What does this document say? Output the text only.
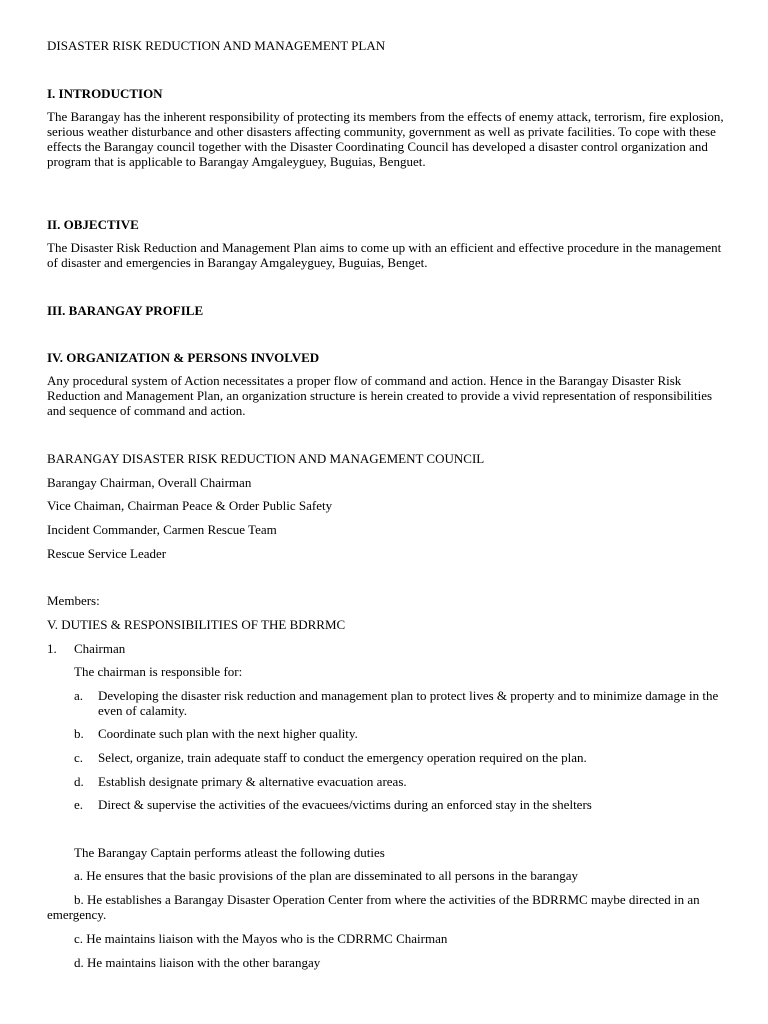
DISASTER RISK REDUCTION AND MANAGEMENT PLAN

I. INTRODUCTION

The Barangay has the inherent responsibility of protecting its members from the effects of enemy attack, terrorism, fire explosion, serious weather disturbance and other disasters affecting community, government as well as private facilities. To cope with these effects the Barangay council together with the Disaster Coordinating Council has developed a disaster control organization and program that is applicable to Barangay Amgaleyguey, Buguias, Benguet.

II. OBJECTIVE

The Disaster Risk Reduction and Management Plan aims to come up with an efficient and effective procedure in the management of disaster and emergencies in Barangay Amgaleyguey, Buguias, Benget.

III. BARANGAY PROFILE

IV. ORGANIZATION & PERSONS INVOLVED

Any procedural system of Action necessitates a proper flow of command and action. Hence in the Barangay Disaster Risk Reduction and Management Plan, an organization structure is herein created to provide a vivid representation of responsibilities and sequence of command and action.

BARANGAY DISASTER RISK REDUCTION AND MANAGEMENT COUNCIL

Barangay Chairman, Overall Chairman

Vice Chaiman, Chairman Peace & Order Public Safety

Incident Commander, Carmen Rescue Team

Rescue Service Leader

Members:

V. DUTIES & RESPONSIBILITIES OF THE BDRRMC

1. Chairman

The chairman is responsible for:

a. Developing the disaster risk reduction and management plan to protect lives & property and to minimize damage in the even of calamity.

b. Coordinate such plan with the next higher quality.

c. Select, organize, train adequate staff to conduct the emergency operation required on the plan.

d. Establish designate primary & alternative evacuation areas.

e. Direct & supervise the activities of the evacuees/victims during an enforced stay in the shelters

The Barangay Captain performs atleast the following duties

a. He ensures that the basic provisions of the plan are disseminated to all persons in the barangay

b. He establishes a Barangay Disaster Operation Center from where the activities of the BDRRMC maybe directed in an emergency.

c. He maintains liaison with the Mayos who is the CDRRMC Chairman

d. He maintains liaison with the other barangay
